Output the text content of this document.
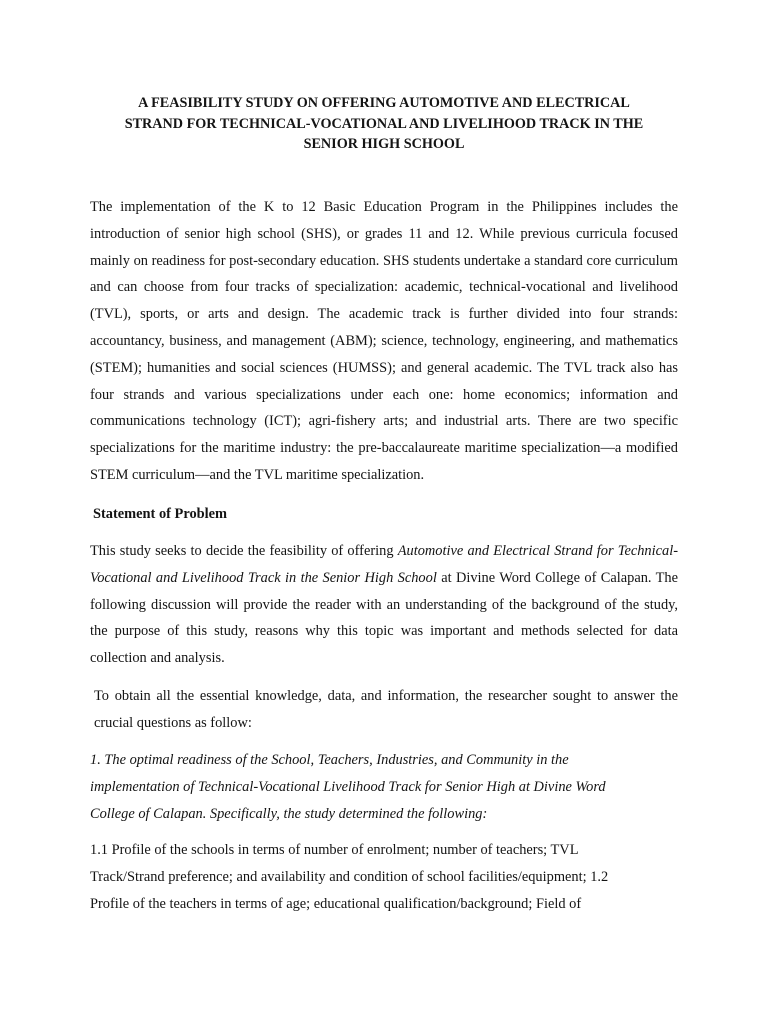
A FEASIBILITY STUDY ON OFFERING AUTOMOTIVE AND ELECTRICAL
STRAND FOR TECHNICAL-VOCATIONAL AND LIVELIHOOD TRACK IN THE
SENIOR HIGH SCHOOL

The implementation of the K to 12 Basic Education Program in the Philippines includes the introduction of senior high school (SHS), or grades 11 and 12. While previous curricula focused mainly on readiness for post-secondary education. SHS students undertake a standard core curriculum and can choose from four tracks of specialization: academic, technical-vocational and livelihood (TVL), sports, or arts and design. The academic track is further divided into four strands: accountancy, business, and management (ABM); science, technology, engineering, and mathematics (STEM); humanities and social sciences (HUMSS); and general academic. The TVL track also has four strands and various specializations under each one: home economics; information and communications technology (ICT); agri-fishery arts; and industrial arts. There are two specific specializations for the maritime industry: the pre-baccalaureate maritime specialization—a modified STEM curriculum—and the TVL maritime specialization.

Statement of Problem

This study seeks to decide the feasibility of offering Automotive and Electrical Strand for Technical-Vocational and Livelihood Track in the Senior High School at Divine Word College of Calapan. The following discussion will provide the reader with an understanding of the background of the study, the purpose of this study, reasons why this topic was important and methods selected for data collection and analysis.

To obtain all the essential knowledge, data, and information, the researcher sought to answer the crucial questions as follow:

1. The optimal readiness of the School, Teachers, Industries, and Community in the
implementation of Technical-Vocational Livelihood Track for Senior High at Divine Word
College of Calapan. Specifically, the study determined the following:

1.1 Profile of the schools in terms of number of enrolment; number of teachers; TVL
Track/Strand preference; and availability and condition of school facilities/equipment; 1.2
Profile of the teachers in terms of age; educational qualification/background; Field of
